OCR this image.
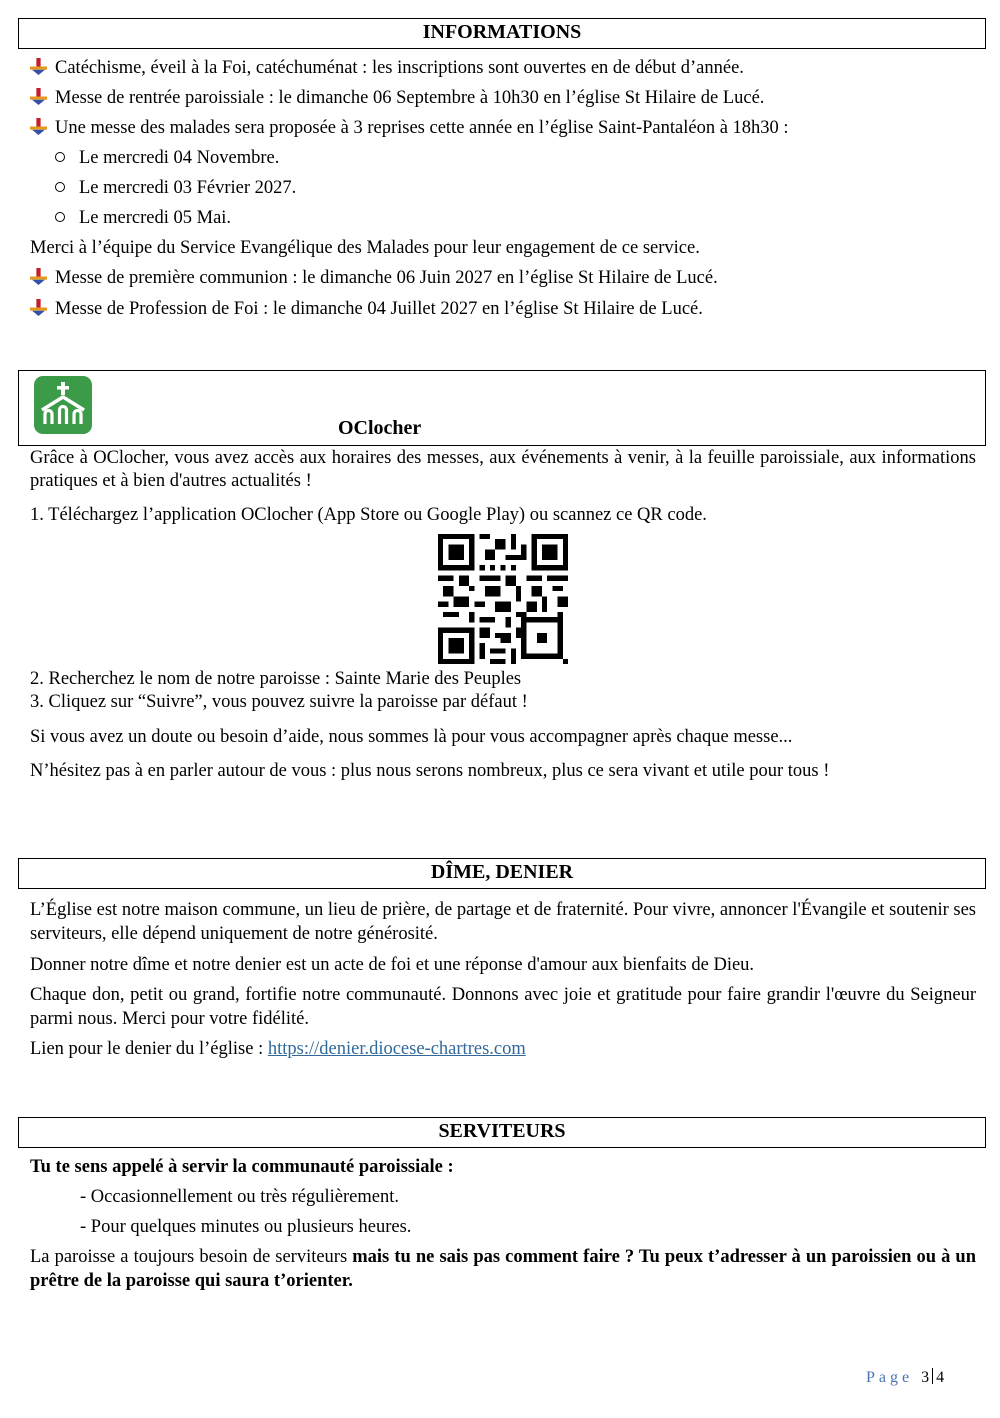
INFORMATIONS
Catéchisme, éveil à la Foi, catéchuménat : les inscriptions sont ouvertes en de début d’année.
Messe de rentrée paroissiale : le dimanche 06 Septembre à 10h30 en l’église St Hilaire de Lucé.
Une messe des malades sera proposée à 3 reprises cette année en l’église Saint-Pantaléon à 18h30 :
Le mercredi 04 Novembre.
Le mercredi 03 Février 2027.
Le mercredi 05 Mai.
Merci à l’équipe du Service Evangélique des Malades pour leur engagement de ce service.
Messe de première communion : le dimanche 06 Juin 2027 en l’église St Hilaire de Lucé.
Messe de Profession de Foi : le dimanche 04 Juillet 2027 en l’église St Hilaire de Lucé.
OClocher
Grâce à OClocher, vous avez accès aux horaires des messes, aux événements à venir, à la feuille paroissiale, aux informations pratiques et à bien d'autres actualités !
1. Téléchargez l’application OClocher (App Store ou Google Play) ou scannez ce QR code.
2. Recherchez le nom de notre paroisse : Sainte Marie des Peuples
3. Cliquez sur “Suivre”, vous pouvez suivre la paroisse par défaut !
Si vous avez un doute ou besoin d’aide, nous sommes là pour vous accompagner après chaque messe...
N’hésitez pas à en parler autour de vous : plus nous serons nombreux, plus ce sera vivant et utile pour tous !
DÎME, DENIER
L’Église est notre maison commune, un lieu de prière, de partage et de fraternité. Pour vivre, annoncer l'Évangile et soutenir ses serviteurs, elle dépend uniquement de notre générosité.
Donner notre dîme et notre denier est un acte de foi et une réponse d'amour aux bienfaits de Dieu.
Chaque don, petit ou grand, fortifie notre communauté. Donnons avec joie et gratitude pour faire grandir l'œuvre du Seigneur parmi nous. Merci pour votre fidélité.
Lien pour le denier du l’église : https://denier.diocese-chartres.com
SERVITEURS
Tu te sens appelé à servir la communauté paroissiale :
- Occasionnellement ou très régulièrement.
- Pour quelques minutes ou plusieurs heures.
La paroisse a toujours besoin de serviteurs mais tu ne sais pas comment faire ? Tu peux t’adresser à un paroissien ou à un prêtre de la paroisse qui saura t’orienter.
Page 3 4
